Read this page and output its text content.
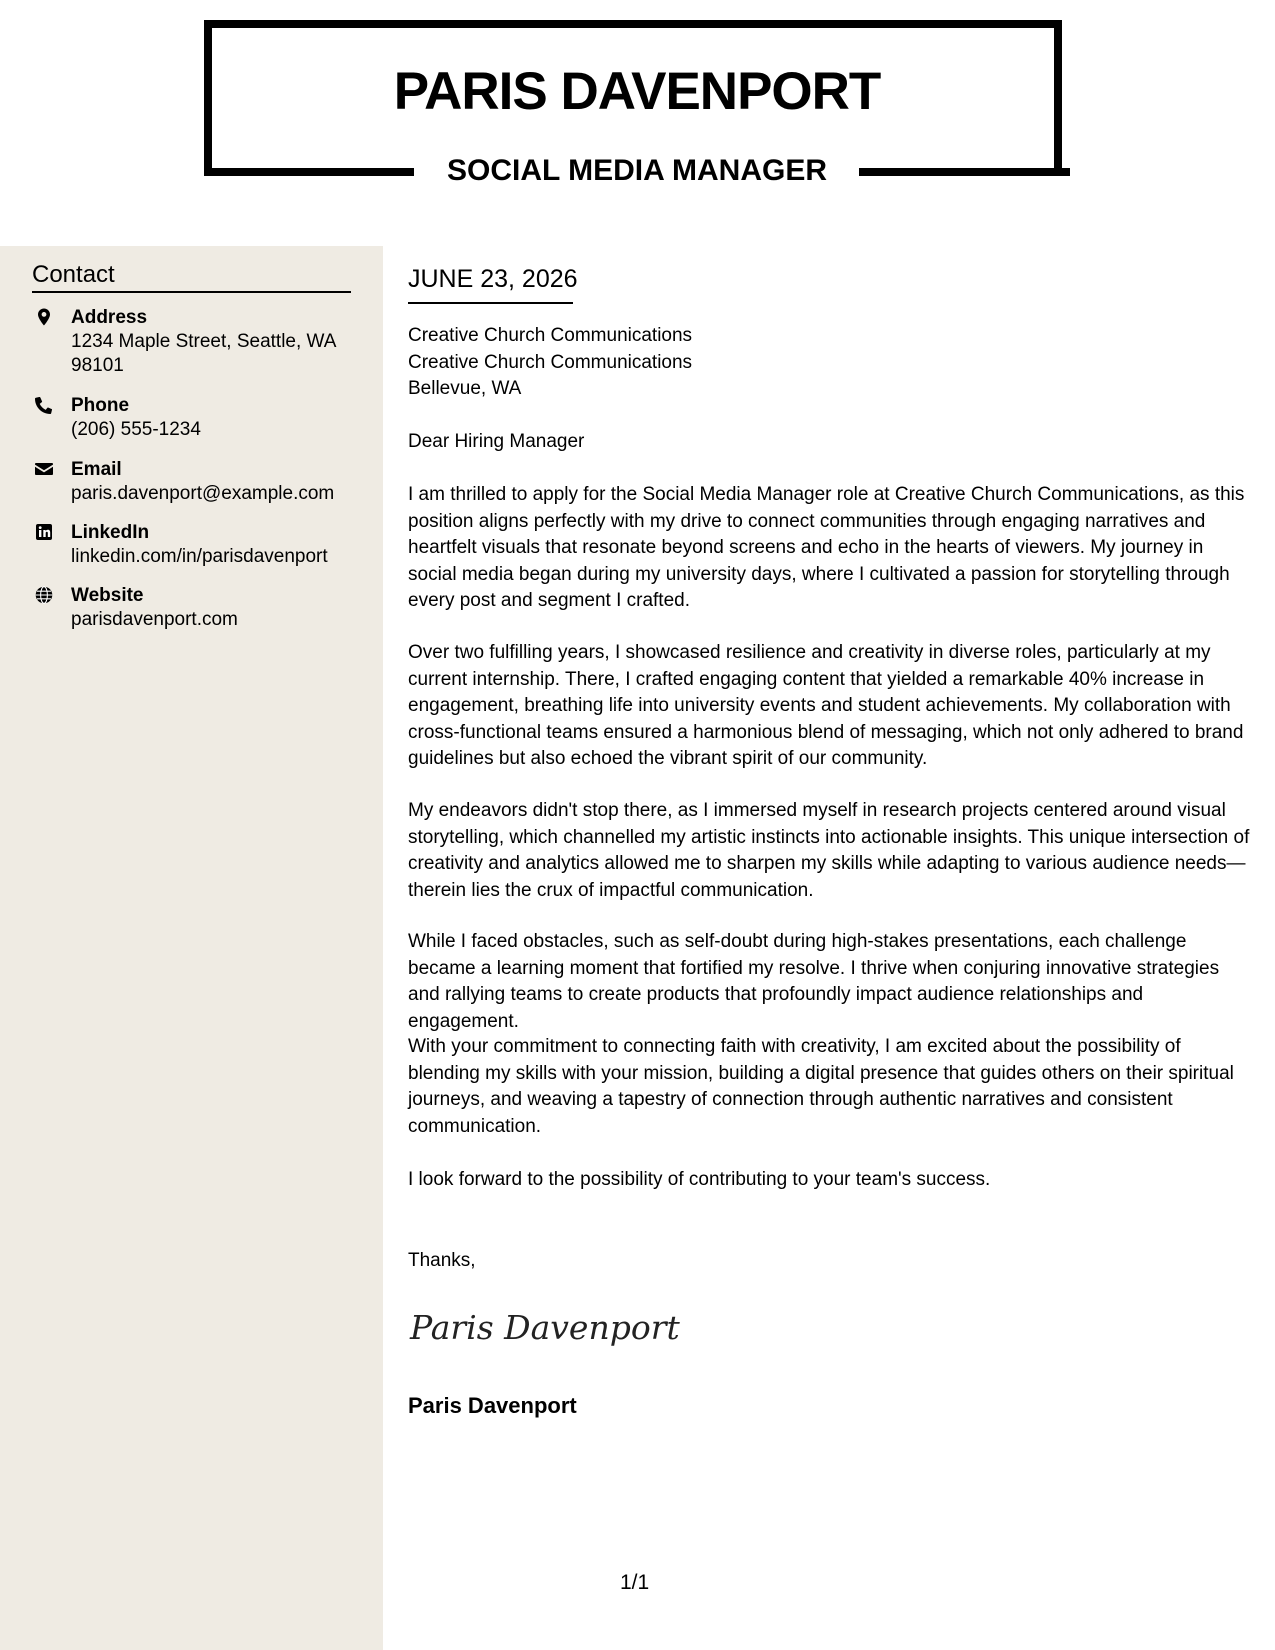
PARIS DAVENPORT
SOCIAL MEDIA MANAGER
Contact
Address
1234 Maple Street, Seattle, WA 98101
Phone
(206) 555-1234
Email
paris.davenport@example.com
LinkedIn
linkedin.com/in/parisdavenport
Website
parisdavenport.com
JUNE 23, 2026
Creative Church Communications
Creative Church Communications
Bellevue, WA
Dear Hiring Manager

I am thrilled to apply for the Social Media Manager role at Creative Church Communications, as this position aligns perfectly with my drive to connect communities through engaging narratives and heartfelt visuals that resonate beyond screens and echo in the hearts of viewers. My journey in social media began during my university days, where I cultivated a passion for storytelling through every post and segment I crafted.

Over two fulfilling years, I showcased resilience and creativity in diverse roles, particularly at my current internship. There, I crafted engaging content that yielded a remarkable 40% increase in engagement, breathing life into university events and student achievements. My collaboration with cross-functional teams ensured a harmonious blend of messaging, which not only adhered to brand guidelines but also echoed the vibrant spirit of our community.

My endeavors didn't stop there, as I immersed myself in research projects centered around visual storytelling, which channelled my artistic instincts into actionable insights. This unique intersection of creativity and analytics allowed me to sharpen my skills while adapting to various audience needs—therein lies the crux of impactful communication.

While I faced obstacles, such as self-doubt during high-stakes presentations, each challenge became a learning moment that fortified my resolve. I thrive when conjuring innovative strategies and rallying teams to create products that profoundly impact audience relationships and engagement.

With your commitment to connecting faith with creativity, I am excited about the possibility of blending my skills with your mission, building a digital presence that guides others on their spiritual journeys, and weaving a tapestry of connection through authentic narratives and consistent communication.

I look forward to the possibility of contributing to your team's success.

Thanks,
Paris Davenport
Paris Davenport
1/1
